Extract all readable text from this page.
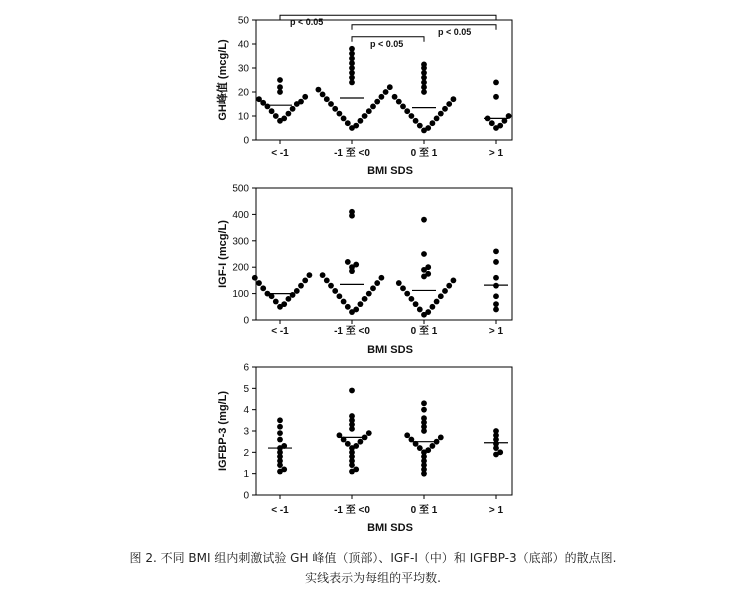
图 2. 不同 BMI 组内刺激试验 GH 峰值（顶部）、IGF-I（中）和 IGFBP-3（底部）的散点图.
实线表示为每组的平均数.
0
10
20
30
40
50
< -1	-1 至 <0	0 至 1	> 1
BMI SDS
GH峰值 (mcg/L)
p < 0.05
p < 0.05
p < 0.05
0
100
200
300
400
500
< -1	-1 至 <0	0 至 1	> 1
BMI SDS
IGF-I (mcg/L)
0
1
2
3
4
5
6
< -1	-1 至 <0	0 至 1	> 1
BMI SDS
IGFBP-3 (mg/L)
